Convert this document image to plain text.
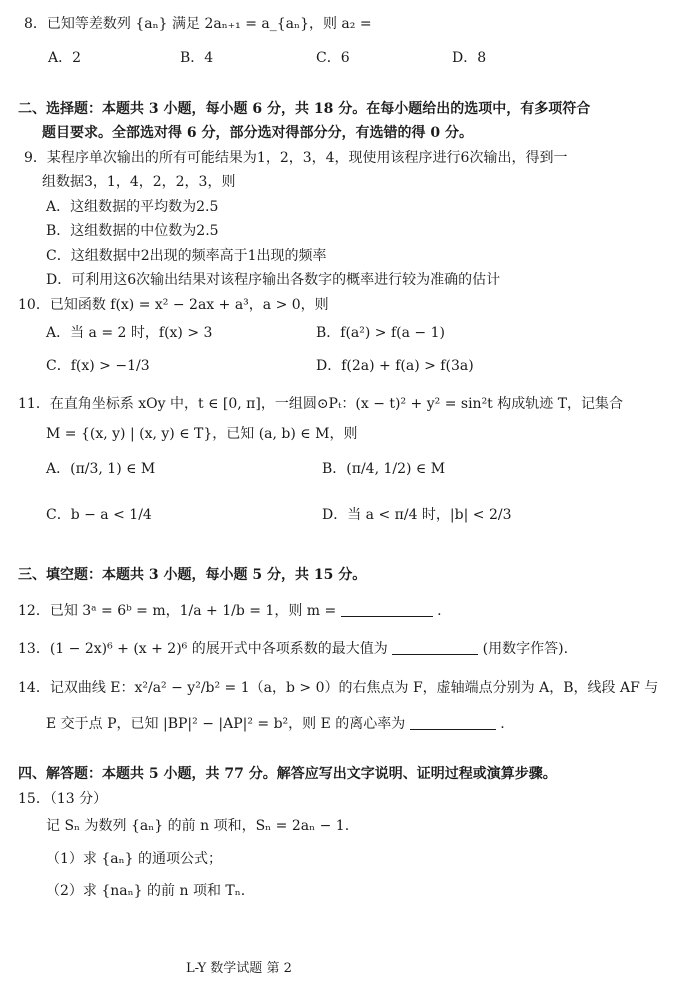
8．已知等差数列 {aₙ} 满足 2aₙ₊₁ = a_{aₙ}，则 a₂ =
A．2	B．4	C．6	D．8
二、选择题：本题共 3 小题，每小题 6 分，共 18 分。在每小题给出的选项中，有多项符合
题目要求。全部选对得 6 分，部分选对得部分分，有选错的得 0 分。
9．某程序单次输出的所有可能结果为1，2，3，4，现使用该程序进行6次输出，得到一
组数据3，1，4，2，2，3，则
A．这组数据的平均数为2.5
B．这组数据的中位数为2.5
C．这组数据中2出现的频率高于1出现的频率
D．可利用这6次输出结果对该程序输出各数字的概率进行较为准确的估计
10．已知函数 f(x) = x² − 2ax + a³，a > 0，则
A．当 a = 2 时，f(x) > 3	B．f(a²) > f(a − 1)
C．f(x) > −1/3	D．f(2a) + f(a) > f(3a)
11．在直角坐标系 xOy 中，t ∈ [0, π]，一组圆⊙Pₜ：(x − t)² + y² = sin²t 构成轨迹 T，记集合
M = {(x, y) | (x, y) ∈ T}，已知 (a, b) ∈ M，则
A．(π/3, 1) ∈ M	B．(π/4, 1/2) ∈ M
C．b − a < 1/4	D．当 a < π/4 时，|b| < 2/3
三、填空题：本题共 3 小题，每小题 5 分，共 15 分。
12．已知 3ᵃ = 6ᵇ = m，1/a + 1/b = 1，则 m =	.
13．(1 − 2x)⁶ + (x + 2)⁶ 的展开式中各项系数的最大值为	(用数字作答).
14．记双曲线 E：x²/a² − y²/b² = 1（a，b > 0）的右焦点为 F，虚轴端点分别为 A，B，线段 AF 与
E 交于点 P，已知 |BP|² − |AP|² = b²，则 E 的离心率为	.
四、解答题：本题共 5 小题，共 77 分。解答应写出文字说明、证明过程或演算步骤。
15．（13 分）
记 Sₙ 为数列 {aₙ} 的前 n 项和，Sₙ = 2aₙ − 1.
（1）求 {aₙ} 的通项公式；
（2）求 {naₙ} 的前 n 项和 Tₙ.
L-Y 数学试题 第 2
